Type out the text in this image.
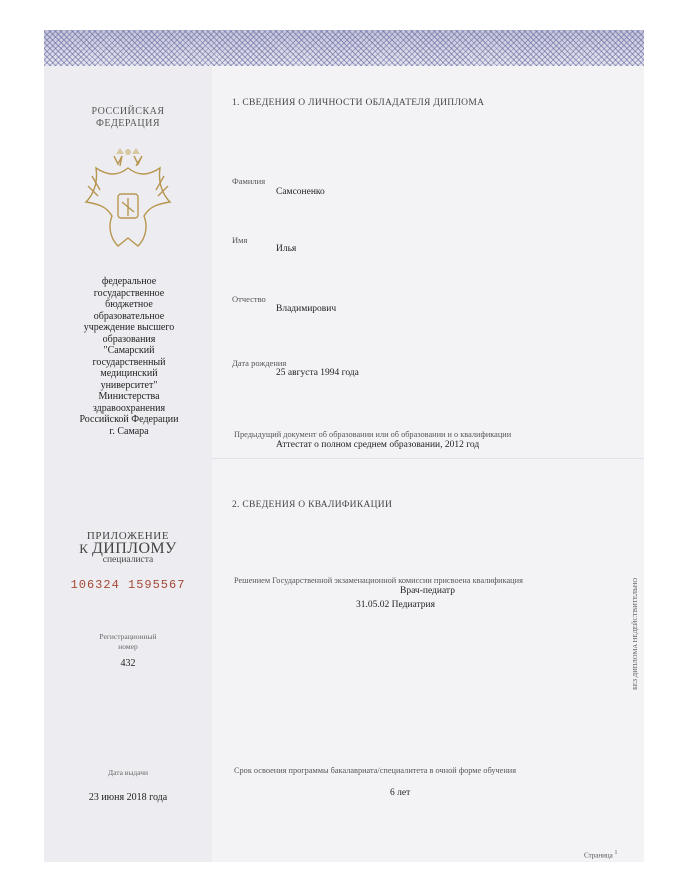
РОССИЙСКАЯ
ФЕДЕРАЦИЯ
федеральное
государственное
бюджетное
образовательное
учреждение высшего
образования
"Самарский
государственный
медицинский
университет"
Министерства
здравоохранения
Российской Федерации
г. Самара
ПРИЛОЖЕНИЕ
К ДИПЛОМУ
специалиста
106324 1595567
Регистрационный
номер
432
Дата выдачи
23 июня 2018 года
1. СВЕДЕНИЯ О ЛИЧНОСТИ ОБЛАДАТЕЛЯ ДИПЛОМА
Фамилия
Самсоненко
Имя
Илья
Отчество
Владимирович
Дата рождения
25 августа 1994 года
Предыдущий документ об образовании или об образовании и о квалификации
Аттестат о полном среднем образовании, 2012 год
2. СВЕДЕНИЯ О КВАЛИФИКАЦИИ
Решением Государственной экзаменационной комиссии присвоена квалификация
Врач-педиатр
31.05.02 Педиатрия
Срок освоения программы бакалавриата/специалитета в очной форме обучения
6 лет
БЕЗ ДИПЛОМА НЕДЕЙСТВИТЕЛЬНО
Страница $^1$
